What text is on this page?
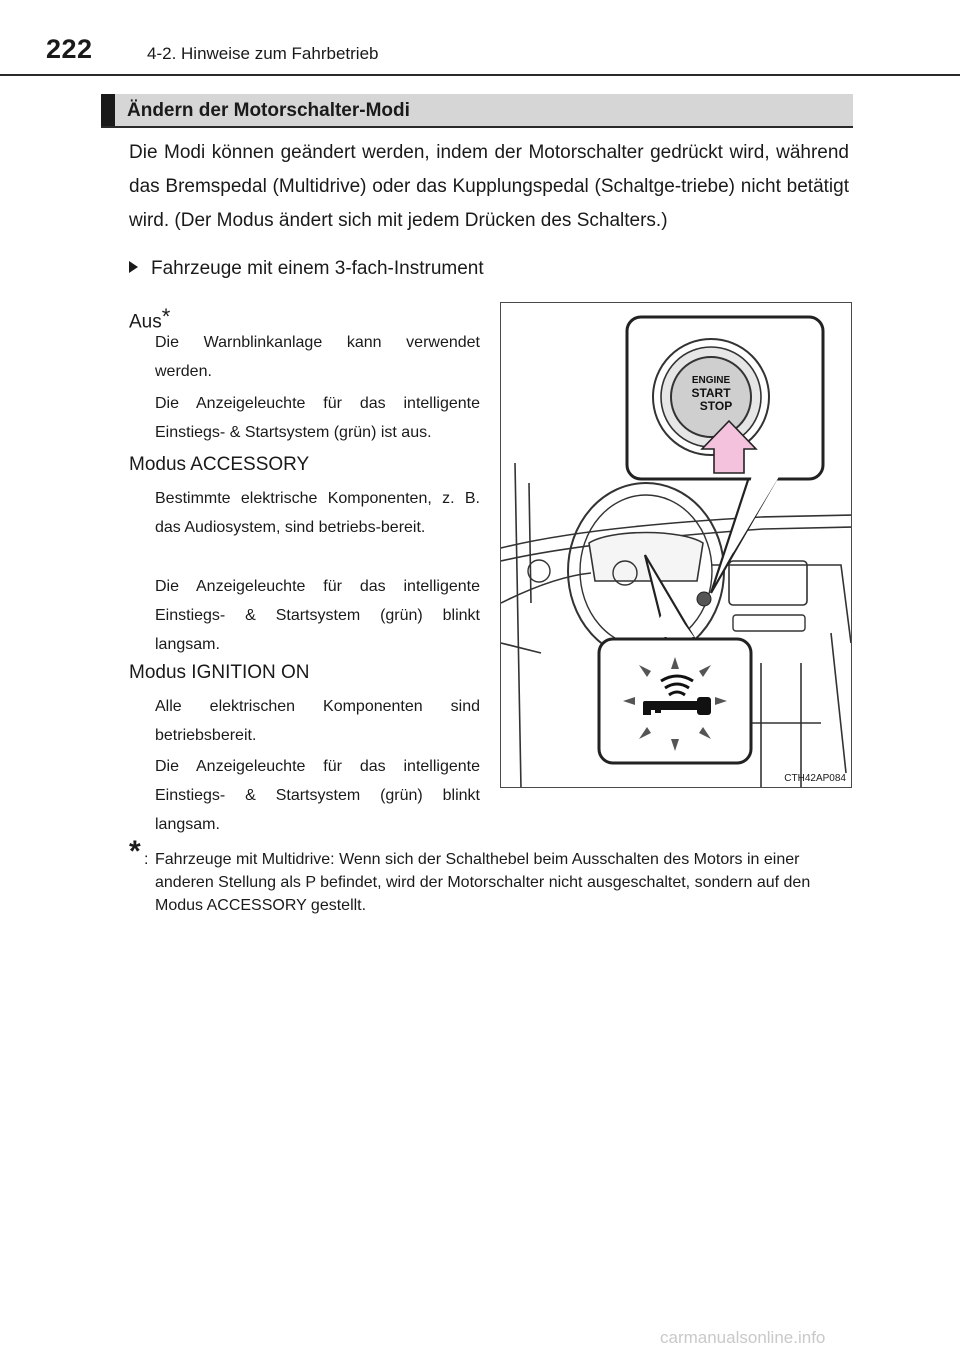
222	4-2. Hinweise zum Fahrbetrieb
Ändern der Motorschalter-Modi

Die Modi können geändert werden, indem der Motorschalter gedrückt wird, während das Bremspedal (Multidrive) oder das Kupplungspedal (Schaltge-triebe) nicht betätigt wird. (Der Modus ändert sich mit jedem Drücken des Schalters.)

Fahrzeuge mit einem 3-fach-Instrument
Aus*

Die Warnblinkanlage kann verwendet werden.

Die Anzeigeleuchte für das intelligente Einstiegs- & Startsystem (grün) ist aus.

Modus ACCESSORY

Bestimmte elektrische Komponenten, z. B. das Audiosystem, sind betriebs-bereit.

Die Anzeigeleuchte für das intelligente Einstiegs- & Startsystem (grün) blinkt langsam.

Modus IGNITION ON

Alle elektrischen Komponenten sind betriebsbereit.

Die Anzeigeleuchte für das intelligente Einstiegs- & Startsystem (grün) blinkt langsam.

ENGINE
START
STOP
CTH42AP084
* : Fahrzeuge mit Multidrive: Wenn sich der Schalthebel beim Ausschalten des Motors in einer anderen Stellung als P befindet, wird der Motorschalter nicht ausgeschaltet, sondern auf den Modus ACCESSORY gestellt.
carmanualsonline.info
